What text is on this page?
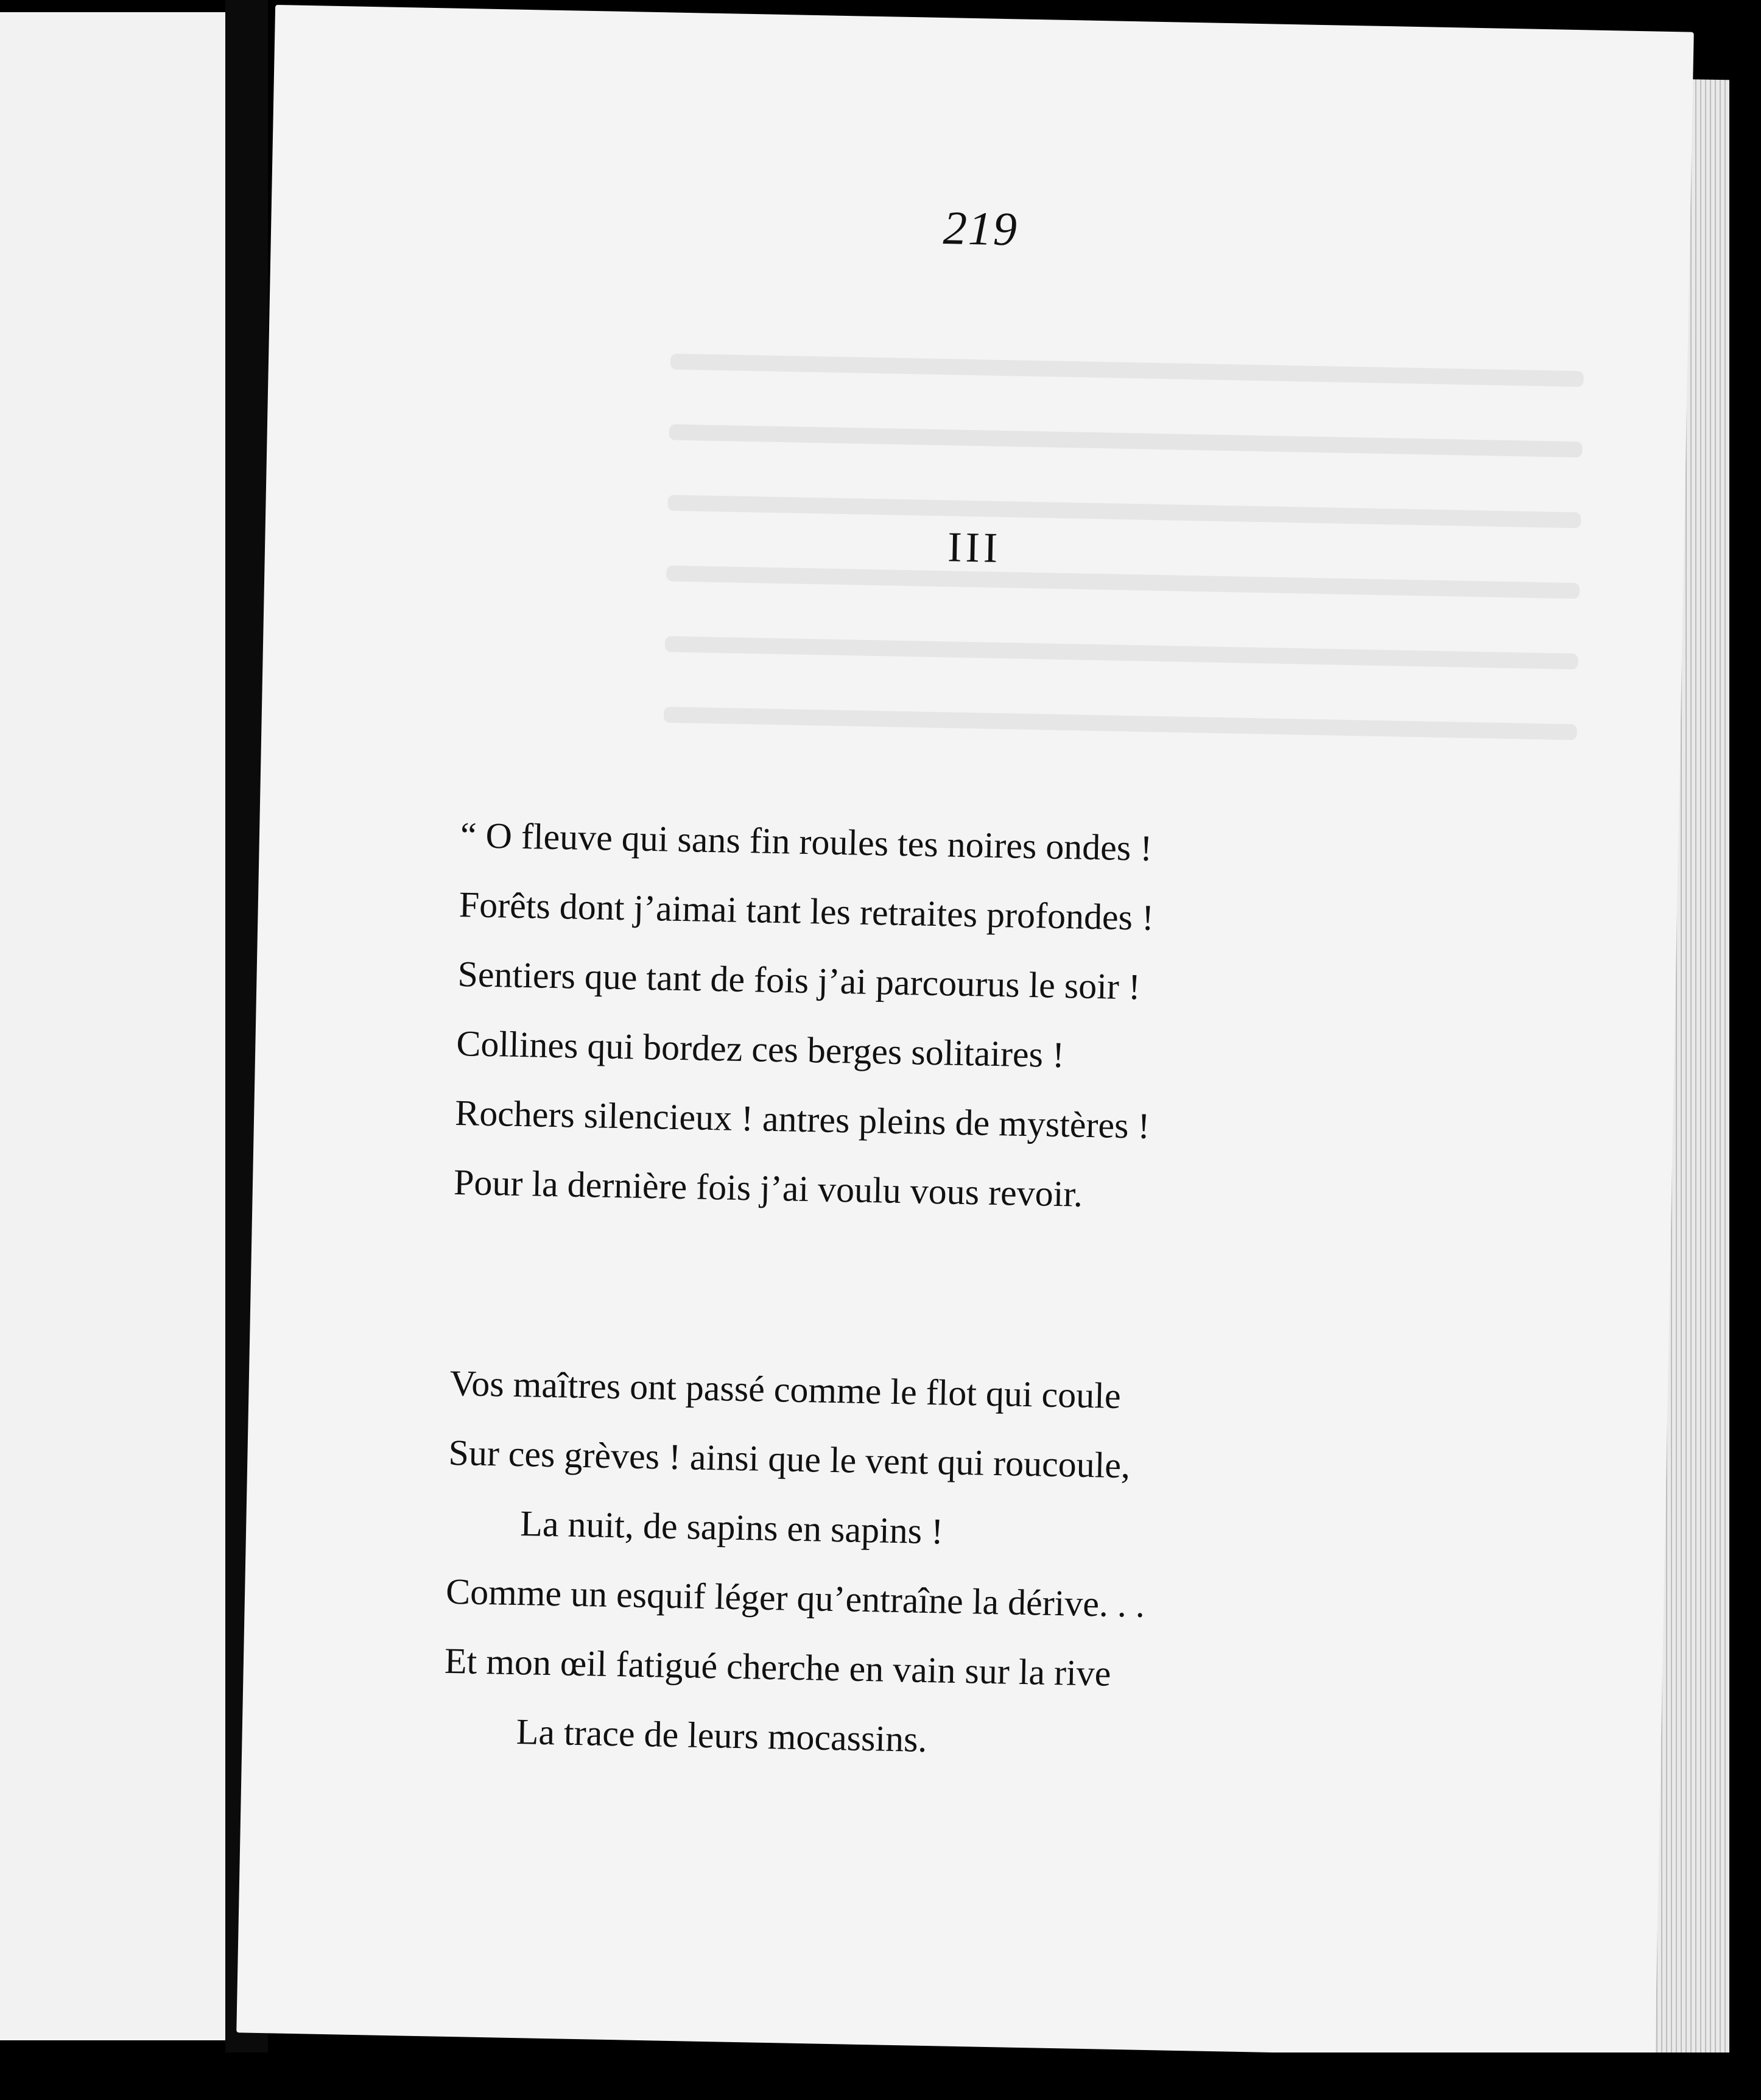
219
III
“ O fleuve qui sans fin roules tes noires ondes !
Forêts dont j’aimai tant les retraites profondes !
Sentiers que tant de fois j’ai parcourus le soir !
Collines qui bordez ces berges solitaires !
Rochers silencieux ! antres pleins de mystères !
Pour la dernière fois j’ai voulu vous revoir.
Vos maîtres ont passé comme le flot qui coule
Sur ces grèves ! ainsi que le vent qui roucoule,
La nuit, de sapins en sapins !
Comme un esquif léger qu’entraîne la dérive. . .
Et mon œil fatigué cherche en vain sur la rive
La trace de leurs mocassins.
